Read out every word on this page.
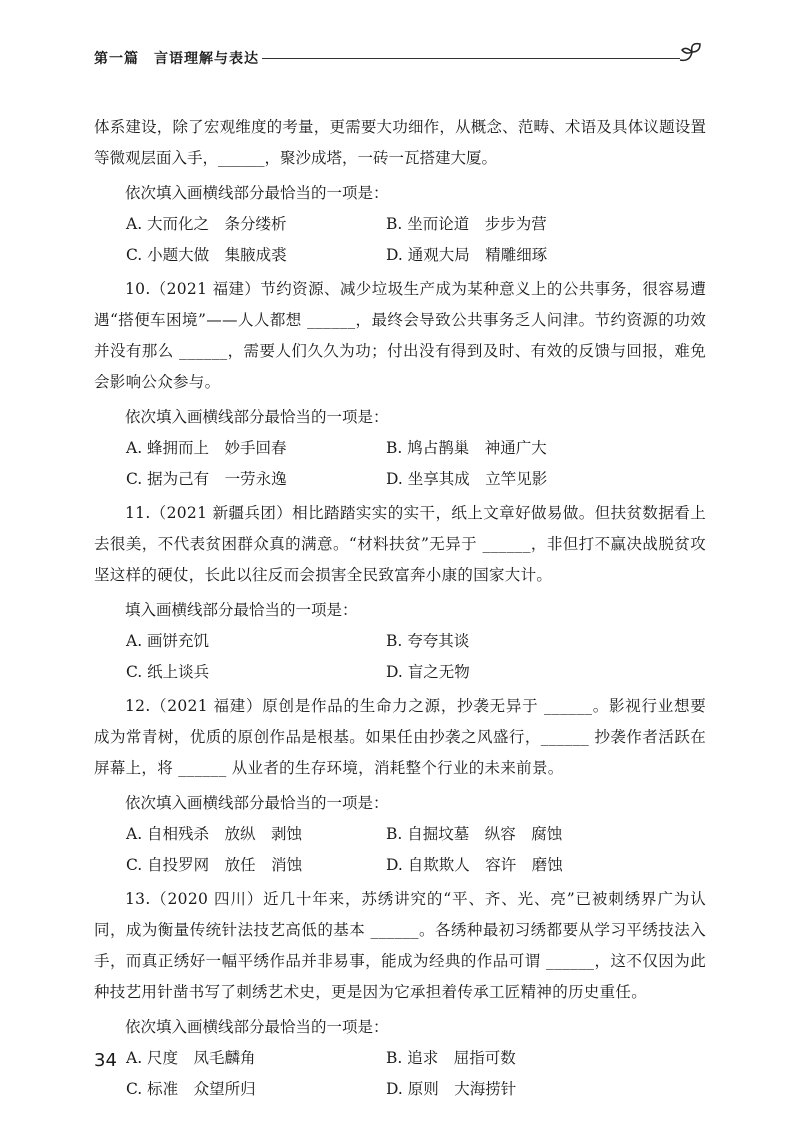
第一篇　言语理解与表达

体系建设，除了宏观维度的考量，更需要大功细作，从概念、范畴、术语及具体议题设置等微观层面入手，______，聚沙成塔，一砖一瓦搭建大厦。

依次填入画横线部分最恰当的一项是：

A. 大而化之　条分缕析	B. 坐而论道　步步为营
C. 小题大做　集腋成裘	D. 通观大局　精雕细琢

10.（2021 福建）节约资源、减少垃圾生产成为某种意义上的公共事务，很容易遭遇“搭便车困境”——人人都想 ______，最终会导致公共事务乏人问津。节约资源的功效并没有那么 ______，需要人们久久为功；付出没有得到及时、有效的反馈与回报，难免会影响公众参与。

依次填入画横线部分最恰当的一项是：

A. 蜂拥而上　妙手回春	B. 鸠占鹊巢　神通广大
C. 据为己有　一劳永逸	D. 坐享其成　立竿见影

11.（2021 新疆兵团）相比踏踏实实的实干，纸上文章好做易做。但扶贫数据看上去很美，不代表贫困群众真的满意。“材料扶贫”无异于 ______，非但打不赢决战脱贫攻坚这样的硬仗，长此以往反而会损害全民致富奔小康的国家大计。

填入画横线部分最恰当的一项是：

A. 画饼充饥	B. 夸夸其谈
C. 纸上谈兵	D. 盲之无物

12.（2021 福建）原创是作品的生命力之源，抄袭无异于 ______。影视行业想要成为常青树，优质的原创作品是根基。如果任由抄袭之风盛行，______ 抄袭作者活跃在屏幕上，将 ______ 从业者的生存环境，消耗整个行业的未来前景。

依次填入画横线部分最恰当的一项是：

A. 自相残杀　放纵　剥蚀	B. 自掘坟墓　纵容　腐蚀
C. 自投罗网　放任　消蚀	D. 自欺欺人　容许　磨蚀

13.（2020 四川）近几十年来，苏绣讲究的“平、齐、光、亮”已被刺绣界广为认同，成为衡量传统针法技艺高低的基本 ______。各绣种最初习绣都要从学习平绣技法入手，而真正绣好一幅平绣作品并非易事，能成为经典的作品可谓 ______，这不仅因为此种技艺用针凿书写了刺绣艺术史，更是因为它承担着传承工匠精神的历史重任。

依次填入画横线部分最恰当的一项是：

A. 尺度　凤毛麟角	B. 追求　屈指可数
C. 标准　众望所归	D. 原则　大海捞针
34
